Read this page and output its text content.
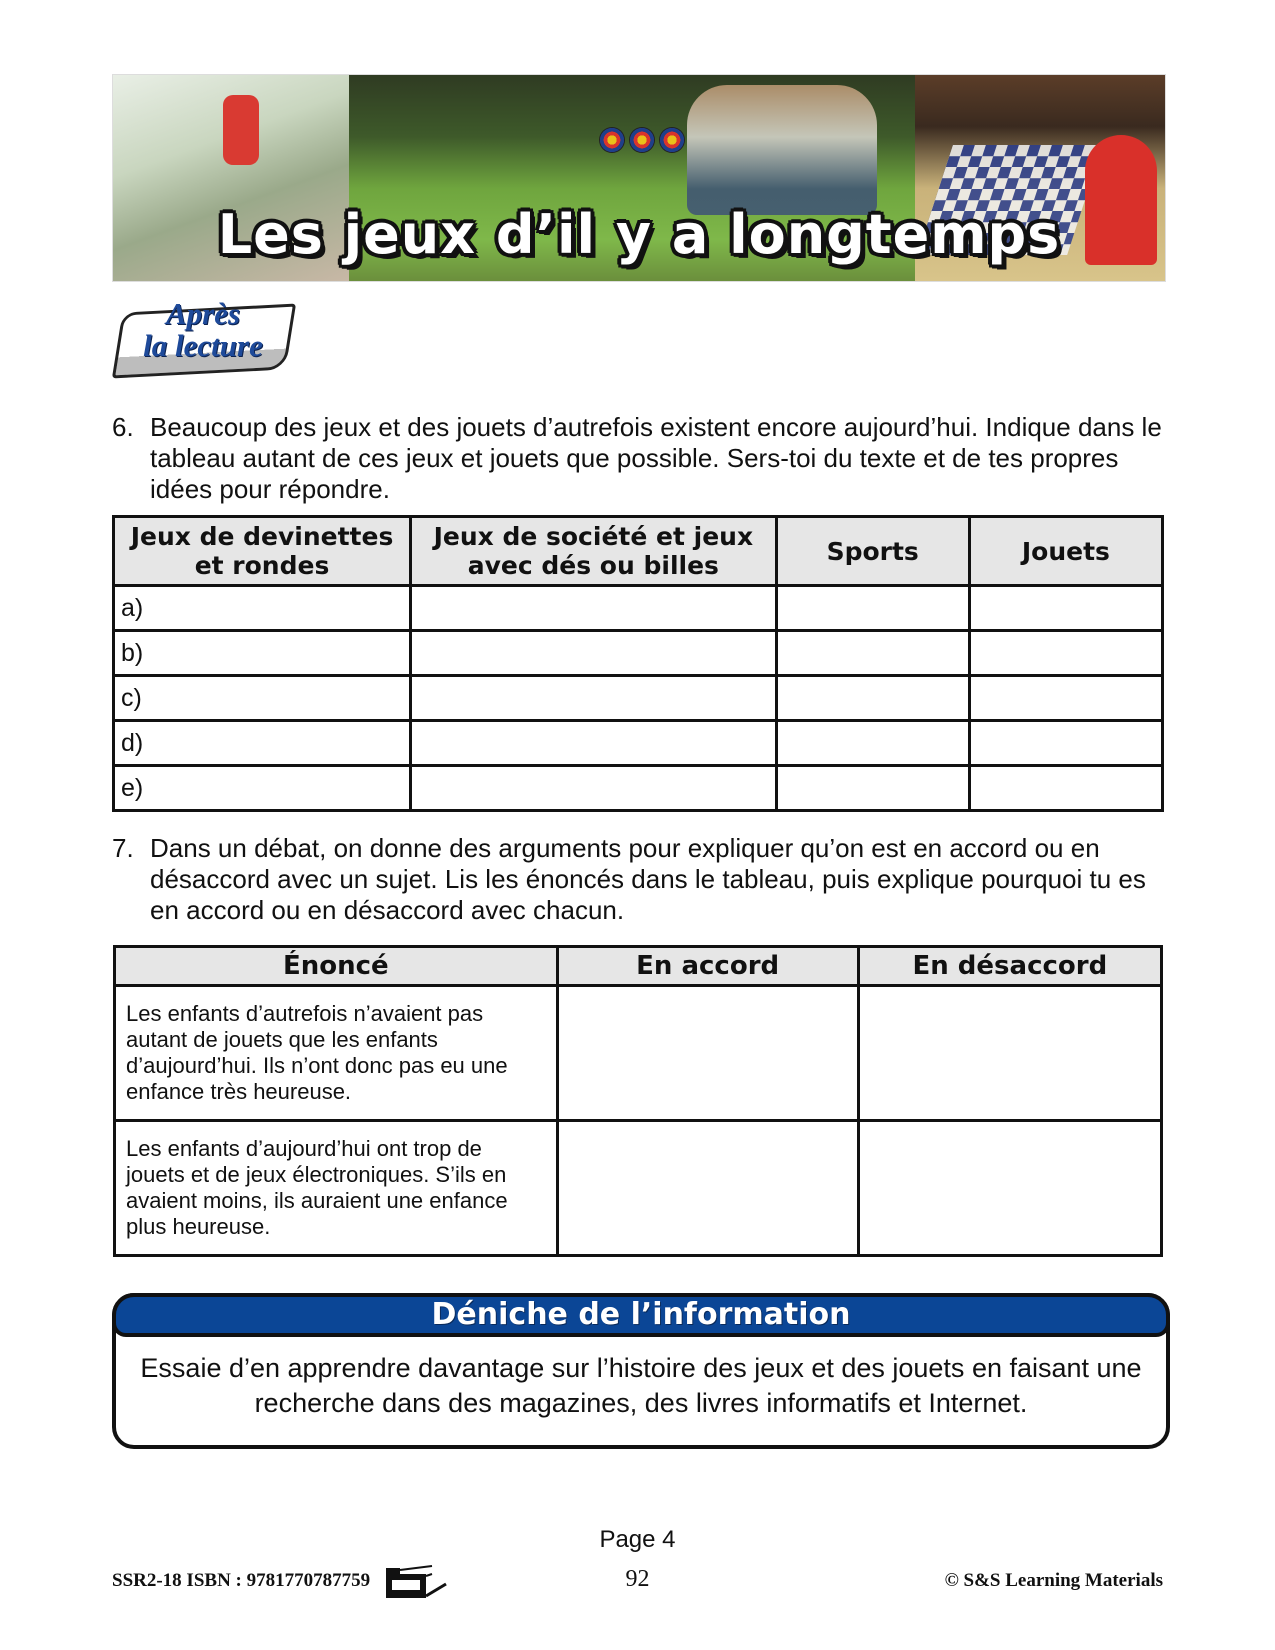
Les jeux d’il y a longtemps
Après
la lecture
6. Beaucoup des jeux et des jouets d’autrefois existent encore aujourd’hui. Indique dans le tableau autant de ces jeux et jouets que possible. Sers-toi du texte et de tes propres idées pour répondre.
Jeux de devinettes et rondes	Jeux de société et jeux avec dés ou billes	Sports	Jouets
a)			
b)			
c)			
d)			
e)			
7. Dans un débat, on donne des arguments pour expliquer qu’on est en accord ou en désaccord avec un sujet. Lis les énoncés dans le tableau, puis explique pourquoi tu es en accord ou en désaccord avec chacun.
Énoncé	En accord	En désaccord
Les enfants d’autrefois n’avaient pas autant de jouets que les enfants d’aujourd’hui. Ils n’ont donc pas eu une enfance très heureuse.		
Les enfants d’aujourd’hui ont trop de jouets et de jeux électroniques. S’ils en avaient moins, ils auraient une enfance plus heureuse.		
Déniche de l’information
Essaie d’en apprendre davantage sur l’histoire des jeux et des jouets en faisant une recherche dans des magazines, des livres informatifs et Internet.
Page 4
SSR2-18 ISBN : 9781770787759	92	© S&S Learning Materials
